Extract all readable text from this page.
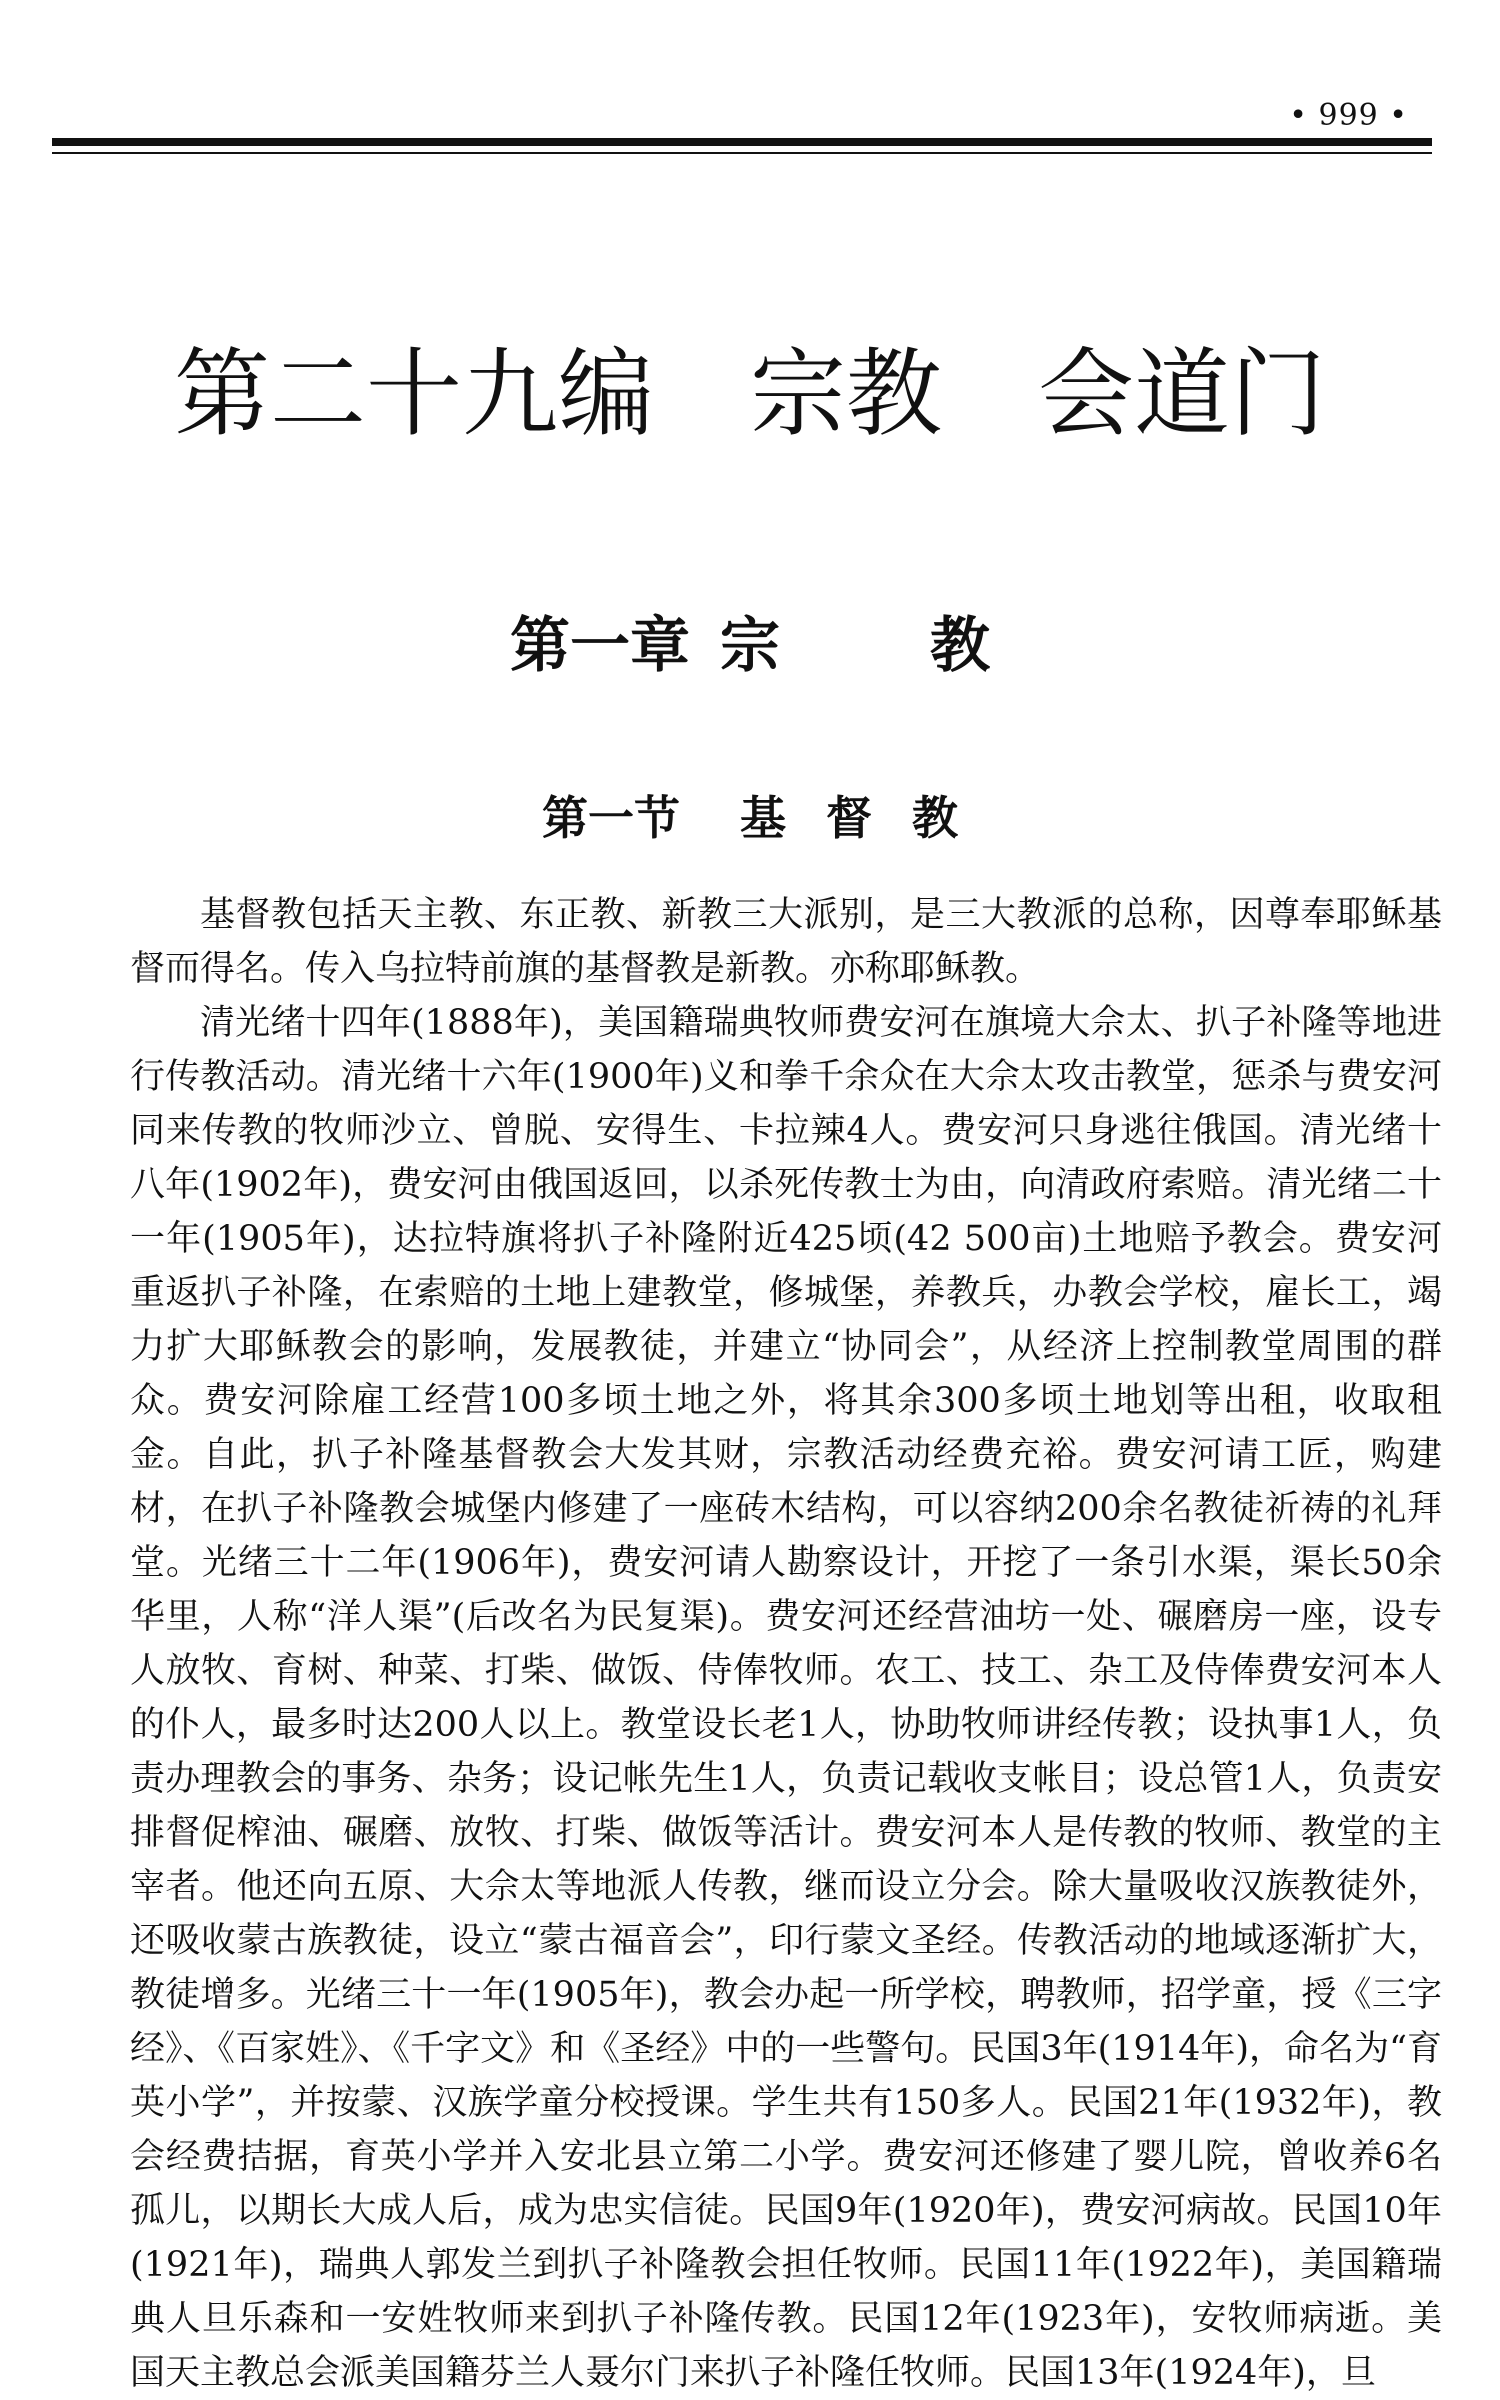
• 999 •
第二十九编 宗教 会道门
第一章 宗	教
第一节 基 督 教

基督教包括天主教、东正教、新教三大派别，是三大教派的总称，因尊奉耶稣基督而得名。传入乌拉特前旗的基督教是新教。亦称耶稣教。

清光绪十四年(1888年)，美国籍瑞典牧师费安河在旗境大佘太、扒子补隆等地进行传教活动。清光绪十六年(1900年)义和拳千余众在大佘太攻击教堂，惩杀与费安河同来传教的牧师沙立、曾脱、安得生、卡拉辣4人。费安河只身逃往俄国。清光绪十八年(1902年)，费安河由俄国返回，以杀死传教士为由，向清政府索赔。清光绪二十一年(1905年)，达拉特旗将扒子补隆附近425顷(42 500亩)土地赔予教会。费安河重返扒子补隆，在索赔的土地上建教堂，修城堡，养教兵，办教会学校，雇长工，竭力扩大耶稣教会的影响，发展教徒，并建立“协同会”，从经济上控制教堂周围的群众。费安河除雇工经营100多顷土地之外，将其余300多顷土地划等出租，收取租金。自此，扒子补隆基督教会大发其财，宗教活动经费充裕。费安河请工匠，购建材，在扒子补隆教会城堡内修建了一座砖木结构，可以容纳200余名教徒祈祷的礼拜堂。光绪三十二年(1906年)，费安河请人勘察设计，开挖了一条引水渠，渠长50余华里，人称“洋人渠”(后改名为民复渠)。费安河还经营油坊一处、碾磨房一座，设专人放牧、育树、种菜、打柴、做饭、侍俸牧师。农工、技工、杂工及侍俸费安河本人的仆人，最多时达200人以上。教堂设长老1人，协助牧师讲经传教；设执事1人，负责办理教会的事务、杂务；设记帐先生1人，负责记载收支帐目；设总管1人，负责安排督促榨油、碾磨、放牧、打柴、做饭等活计。费安河本人是传教的牧师、教堂的主宰者。他还向五原、大佘太等地派人传教，继而设立分会。除大量吸收汉族教徒外，还吸收蒙古族教徒，设立“蒙古福音会”，印行蒙文圣经。传教活动的地域逐渐扩大，教徒增多。光绪三十一年(1905年)，教会办起一所学校，聘教师，招学童，授《三字经》、《百家姓》、《千字文》和《圣经》中的一些警句。民国3年(1914年)，命名为“育英小学”，并按蒙、汉族学童分校授课。学生共有150多人。民国21年(1932年)，教会经费拮据，育英小学并入安北县立第二小学。费安河还修建了婴儿院，曾收养6名孤儿，以期长大成人后，成为忠实信徒。民国9年(1920年)，费安河病故。民国10年(1921年)，瑞典人郭发兰到扒子补隆教会担任牧师。民国11年(1922年)，美国籍瑞典人旦乐森和一安姓牧师来到扒子补隆传教。民国12年(1923年)，安牧师病逝。美国天主教总会派美国籍芬兰人聂尔门来扒子补隆任牧师。民国13年(1924年)，旦
